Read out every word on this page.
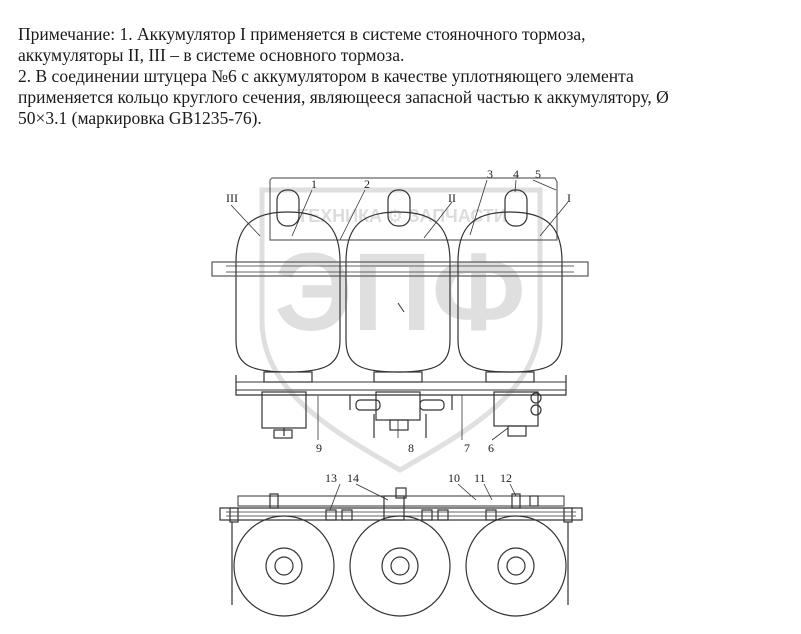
Примечание: 1. Аккумулятор I применяется в системе стояночного тормоза,

аккумуляторы II, III – в системе основного тормоза.

2. В соединении штуцера №6 с аккумулятором в качестве уплотняющего элемента

применяется кольцо круглого сечения, являющееся запасной частью к аккумулятору, Ø

50×3.1 (маркировка GB1235-76).

ТЕХНИКА ⚙ ЗАПЧАСТИ
ЭПФ
III
1	2
II
3 4 5
I
9	8	7 6
13 14	10 11 12
